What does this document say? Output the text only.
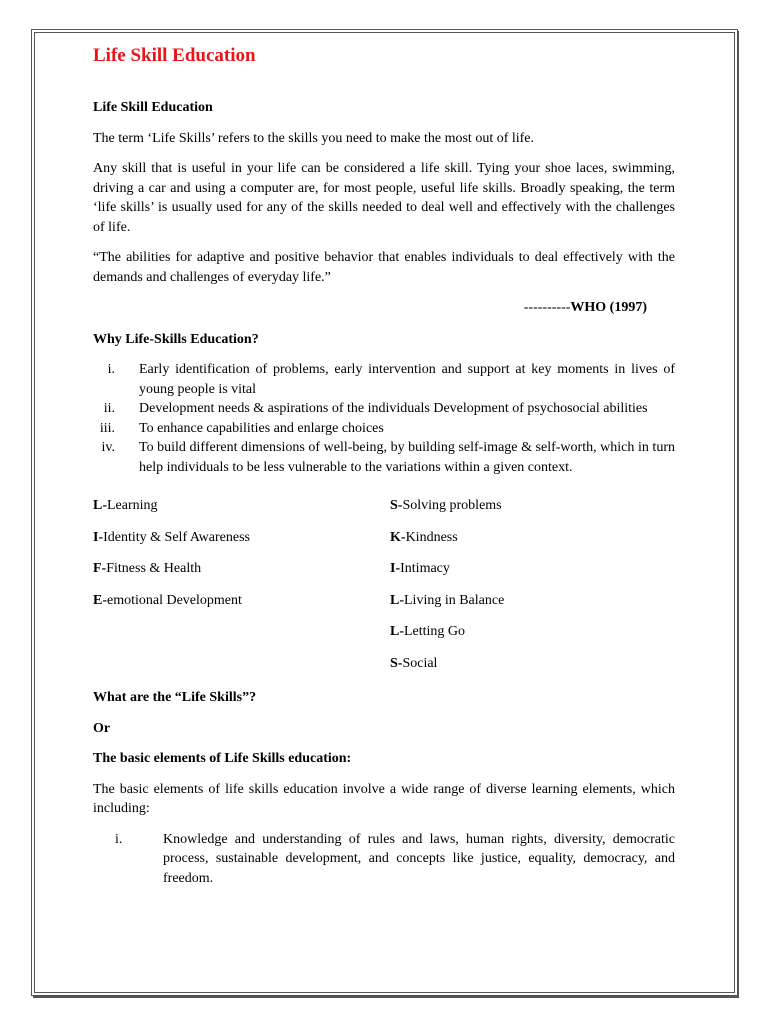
Life Skill Education

Life Skill Education

The term ‘Life Skills’ refers to the skills you need to make the most out of life.

Any skill that is useful in your life can be considered a life skill. Tying your shoe laces, swimming, driving a car and using a computer are, for most people, useful life skills. Broadly speaking, the term ‘life skills’ is usually used for any of the skills needed to deal well and effectively with the challenges of life.

“The abilities for adaptive and positive behavior that enables individuals to deal effectively with the demands and challenges of everyday life.”

----------WHO (1997)

Why Life-Skills Education?

i. Early identification of problems, early intervention and support at key moments in lives of young people is vital
ii. Development needs & aspirations of the individuals Development of psychosocial abilities
iii. To enhance capabilities and enlarge choices
iv. To build different dimensions of well-being, by building self-image & self-worth, which in turn help individuals to be less vulnerable to the variations within a given context.
L-Learning
I-Identity & Self Awareness
F-Fitness & Health
E-emotional Development
S-Solving problems
K-Kindness
I-Intimacy
L-Living in Balance
L-Letting Go
S-Social

What are the “Life Skills”?

Or

The basic elements of Life Skills education:

The basic elements of life skills education involve a wide range of diverse learning elements, which including:

i.	Knowledge and understanding of rules and laws, human rights, diversity, democratic process, sustainable development, and concepts like justice, equality, democracy, and freedom.
